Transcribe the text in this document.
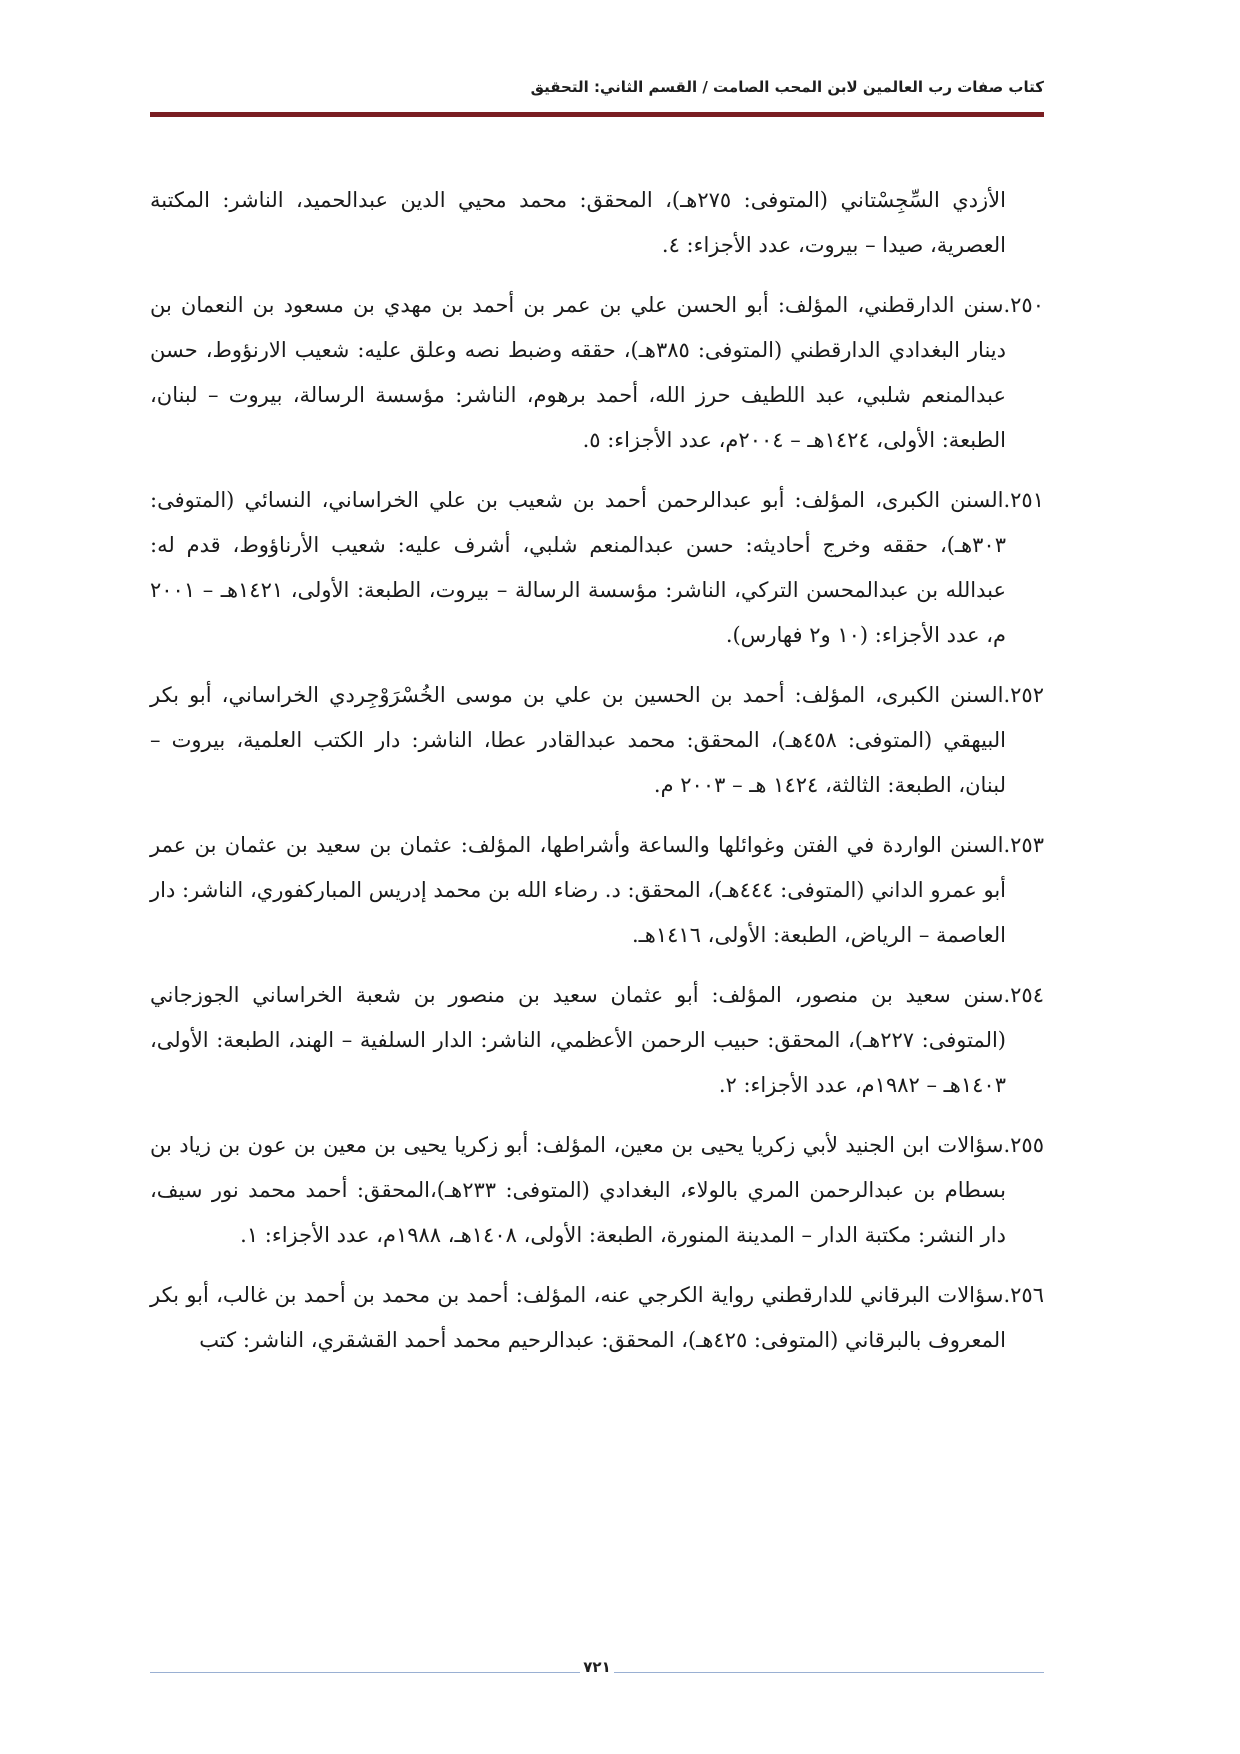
كتاب صفات رب العالمين لابن المحب الصامت / القسم الثاني: التحقيق

الأزدي السِّجِسْتاني (المتوفى: ٢٧٥هـ)، المحقق: محمد محيي الدين عبدالحميد، الناشر: المكتبة العصرية، صيدا – بيروت، عدد الأجزاء: ٤.

٢٥٠.سنن الدارقطني، المؤلف: أبو الحسن علي بن عمر بن أحمد بن مهدي بن مسعود بن النعمان بن دينار البغدادي الدارقطني (المتوفى: ٣٨٥هـ)، حققه وضبط نصه وعلق عليه: شعيب الارنؤوط، حسن عبدالمنعم شلبي، عبد اللطيف حرز الله، أحمد برهوم، الناشر: مؤسسة الرسالة، بيروت – لبنان، الطبعة: الأولى، ١٤٢٤هـ – ٢٠٠٤م، عدد الأجزاء: ٥.

٢٥١.السنن الكبرى، المؤلف: أبو عبدالرحمن أحمد بن شعيب بن علي الخراساني، النسائي (المتوفى: ٣٠٣هـ)، حققه وخرج أحاديثه: حسن عبدالمنعم شلبي، أشرف عليه: شعيب الأرناؤوط، قدم له: عبدالله بن عبدالمحسن التركي، الناشر: مؤسسة الرسالة – بيروت، الطبعة: الأولى، ١٤٢١هـ – ٢٠٠١ م، عدد الأجزاء: (١٠ و٢ فهارس).

٢٥٢.السنن الكبرى، المؤلف: أحمد بن الحسين بن علي بن موسى الخُسْرَوْجِردي الخراساني، أبو بكر البيهقي (المتوفى: ٤٥٨هـ)، المحقق: محمد عبدالقادر عطا، الناشر: دار الكتب العلمية، بيروت – لبنان، الطبعة: الثالثة، ١٤٢٤ هـ – ٢٠٠٣ م.

٢٥٣.السنن الواردة في الفتن وغوائلها والساعة وأشراطها، المؤلف: عثمان بن سعيد بن عثمان بن عمر أبو عمرو الداني (المتوفى: ٤٤٤هـ)، المحقق: د. رضاء الله بن محمد إدريس المباركفوري، الناشر: دار العاصمة – الرياض، الطبعة: الأولى، ١٤١٦هـ.

٢٥٤.سنن سعيد بن منصور، المؤلف: أبو عثمان سعيد بن منصور بن شعبة الخراساني الجوزجاني (المتوفى: ٢٢٧هـ)، المحقق: حبيب الرحمن الأعظمي، الناشر: الدار السلفية – الهند، الطبعة: الأولى، ١٤٠٣هـ – ١٩٨٢م، عدد الأجزاء: ٢.

٢٥٥.سؤالات ابن الجنيد لأبي زكريا يحيى بن معين، المؤلف: أبو زكريا يحيى بن معين بن عون بن زياد بن بسطام بن عبدالرحمن المري بالولاء، البغدادي (المتوفى: ٢٣٣هـ)،المحقق: أحمد محمد نور سيف، دار النشر: مكتبة الدار – المدينة المنورة، الطبعة: الأولى، ١٤٠٨هـ، ١٩٨٨م، عدد الأجزاء: ١.

٢٥٦.سؤالات البرقاني للدارقطني رواية الكرجي عنه، المؤلف: أحمد بن محمد بن أحمد بن غالب، أبو بكر المعروف بالبرقاني (المتوفى: ٤٢٥هـ)، المحقق: عبدالرحيم محمد أحمد القشقري، الناشر: كتب

٧٢١
